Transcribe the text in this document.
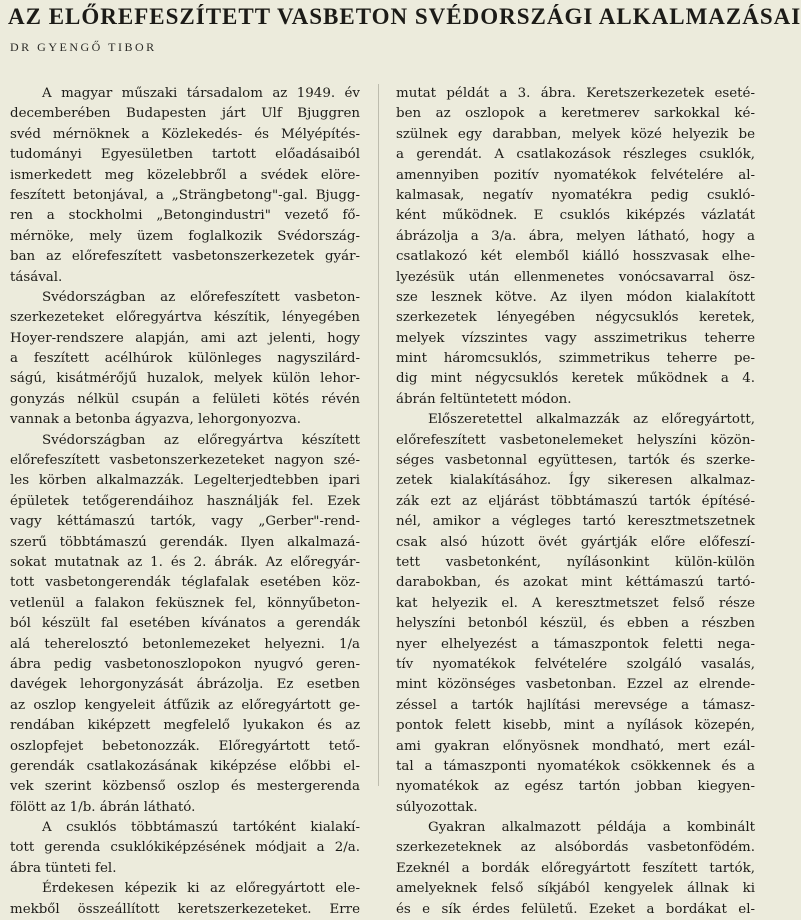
AZ ELŐREFESZÍTETT VASBETON SVÉDORSZÁGI ALKALMAZÁSAI
DR GYENGŐ TIBOR
A magyar műszaki társadalom az 1949. év
decemberében Budapesten járt Ulf Bjuggren
svéd mérnöknek a Közlekedés- és Mélyépítés-
tudományi Egyesületben tartott előadásaiból
ismerkedett meg közelebbről a svédek elöre-
feszített betonjával, a „Strängbetong"-gal. Bjugg-
ren a stockholmi „Betongindustri" vezető fő-
mérnöke, mely üzem foglalkozik Svédország-
ban az előrefeszített vasbetonszerkezetek gyár-
tásával.
Svédországban az előrefeszített vasbeton-
szerkezeteket előregyártva készítik, lényegében
Hoyer-rendszere alapján, ami azt jelenti, hogy
a feszített acélhúrok különleges nagyszilárd-
ságú, kisátmérőjű huzalok, melyek külön lehor-
gonyzás nélkül csupán a felületi kötés révén
vannak a betonba ágyazva, lehorgonyozva.
Svédországban az előregyártva készített
előrefeszített vasbetonszerkezeteket nagyon szé-
les körben alkalmazzák. Legelterjedtebben ipari
épületek tetőgerendáihoz használják fel. Ezek
vagy kéttámaszú tartók, vagy „Gerber"-rend-
szerű többtámaszú gerendák. Ilyen alkalmazá-
sokat mutatnak az 1. és 2. ábrák. Az előregyár-
tott vasbetongerendák téglafalak esetében köz-
vetlenül a falakon feküsznek fel, könnyűbeton-
ból készült fal esetében kívánatos a gerendák
alá teherelosztó betonlemezeket helyezni. 1/a
ábra pedig vasbetonoszlopokon nyugvó geren-
davégek lehorgonyzását ábrázolja. Ez esetben
az oszlop kengyeleit átfűzik az előregyártott ge-
rendában kiképzett megfelelő lyukakon és az
oszlopfejet bebetonozzák. Előregyártott tető-
gerendák csatlakozásának kiképzése előbbi el-
vek szerint közbenső oszlop és mestergerenda
fölött az 1/b. ábrán látható.
A csuklós többtámaszú tartóként kialakí-
tott gerenda csuklókiképzésének módjait a 2/a.
ábra tünteti fel.
Érdekesen képezik ki az előregyártott ele-
mekből összeállított keretszerkezeteket. Erre
mutat példát a 3. ábra. Keretszerkezetek eseté-
ben az oszlopok a keretmerev sarkokkal ké-
szülnek egy darabban, melyek közé helyezik be
a gerendát. A csatlakozások részleges csuklók,
amennyiben pozitív nyomatékok felvételére al-
kalmasak, negatív nyomatékra pedig csukló-
ként működnek. E csuklós kiképzés vázlatát
ábrázolja a 3/a. ábra, melyen látható, hogy a
csatlakozó két elemből kiálló hosszvasak elhe-
lyezésük után ellenmenetes vonócsavarral ösz-
sze lesznek kötve. Az ilyen módon kialakított
szerkezetek lényegében négycsuklós keretek,
melyek vízszintes vagy asszimetrikus teherre
mint háromcsuklós, szimmetrikus teherre pe-
dig mint négycsuklós keretek működnek a 4.
ábrán feltüntetett módon.
Előszeretettel alkalmazzák az előregyártott,
előrefeszített vasbetonelemeket helyszíni közön-
séges vasbetonnal együttesen, tartók és szerke-
zetek kialakításához. Így sikeresen alkalmaz-
zák ezt az eljárást többtámaszú tartók építésé-
nél, amikor a végleges tartó keresztmetszetnek
csak alsó húzott övét gyártják előre előfeszí-
tett vasbetonként, nyílásonkint külön-külön
darabokban, és azokat mint kéttámaszú tartó-
kat helyezik el. A keresztmetszet felső része
helyszíni betonból készül, és ebben a részben
nyer elhelyezést a támaszpontok feletti nega-
tív nyomatékok felvételére szolgáló vasalás,
mint közönséges vasbetonban. Ezzel az elrende-
zéssel a tartók hajlítási merevsége a támasz-
pontok felett kisebb, mint a nyílások közepén,
ami gyakran előnyösnek mondható, mert ezál-
tal a támaszponti nyomatékok csökkennek és a
nyomatékok az egész tartón jobban kiegyen-
súlyozottak.
Gyakran alkalmazott példája a kombinált
szerkezeteknek az alsóbordás vasbetonfödém.
Ezeknél a bordák előregyártott feszített tartók,
amelyeknek felső síkjából kengyelek állnak ki
és e sík érdes felületű. Ezeket a bordákat el-
